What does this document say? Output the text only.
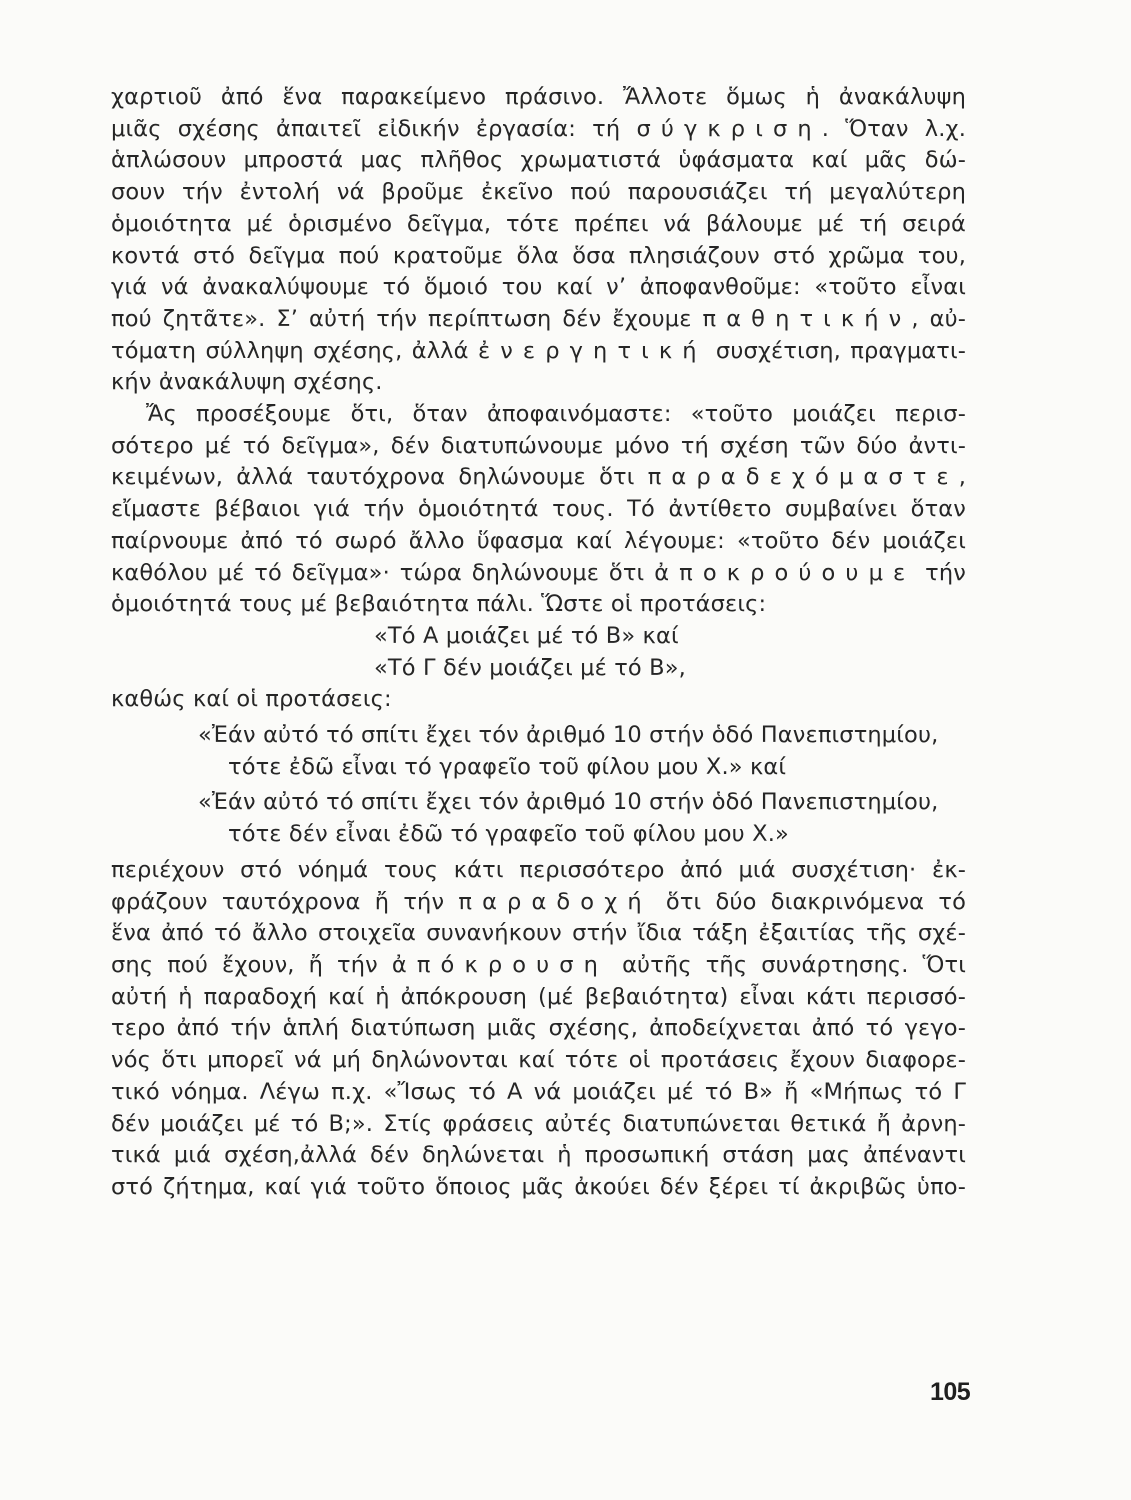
χαρτιοῦ ἀπό ἕνα παρακείμενο πράσινο. Ἄλλοτε ὅμως ἡ ἀνακάλυψη
μιᾶς σχέσης ἀπαιτεῖ εἰδικήν ἐργασία: τή σύγκριση. Ὅταν λ.χ.
ἁπλώσουν μπροστά μας πλῆθος χρωματιστά ὑφάσματα καί μᾶς δώ-
σουν τήν ἐντολή νά βροῦμε ἐκεῖνο πού παρουσιάζει τή μεγαλύτερη
ὁμοιότητα μέ ὁρισμένο δεῖγμα, τότε πρέπει νά βάλουμε μέ τή σειρά
κοντά στό δεῖγμα πού κρατοῦμε ὅλα ὅσα πλησιάζουν στό χρῶμα του,
γιά νά ἀνακαλύψουμε τό ὅμοιό του καί ν’ ἀποφανθοῦμε: «τοῦτο εἶναι
πού ζητᾶτε». Σ’ αὐτή τήν περίπτωση δέν ἔχουμε παθητικήν, αὐ-
τόματη σύλληψη σχέσης, ἀλλά ἐνεργητική συσχέτιση, πραγματι-
κήν ἀνακάλυψη σχέσης.
Ἄς προσέξουμε ὅτι, ὅταν ἀποφαινόμαστε: «τοῦτο μοιάζει περισ-
σότερο μέ τό δεῖγμα», δέν διατυπώνουμε μόνο τή σχέση τῶν δύο ἀντι-
κειμένων, ἀλλά ταυτόχρονα δηλώνουμε ὅτι παραδεχόμαστε,
εἴμαστε βέβαιοι γιά τήν ὁμοιότητά τους. Τό ἀντίθετο συμβαίνει ὅταν
παίρνουμε ἀπό τό σωρό ἄλλο ὕφασμα καί λέγουμε: «τοῦτο δέν μοιάζει
καθόλου μέ τό δεῖγμα»· τώρα δηλώνουμε ὅτι ἀποκρούουμε τήν
ὁμοιότητά τους μέ βεβαιότητα πάλι. Ὥστε οἱ προτάσεις:
«Τό Α μοιάζει μέ τό Β» καί
«Τό Γ δέν μοιάζει μέ τό Β»,
καθώς καί οἱ προτάσεις:
«Ἐάν αὐτό τό σπίτι ἔχει τόν ἀριθμό 10 στήν ὁδό Πανεπιστημίου,
τότε ἐδῶ εἶναι τό γραφεῖο τοῦ φίλου μου Χ.» καί
«Ἐάν αὐτό τό σπίτι ἔχει τόν ἀριθμό 10 στήν ὁδό Πανεπιστημίου,
τότε δέν εἶναι ἐδῶ τό γραφεῖο τοῦ φίλου μου Χ.»
περιέχουν στό νόημά τους κάτι περισσότερο ἀπό μιά συσχέτιση· ἐκ-
φράζουν ταυτόχρονα ἤ τήν παραδοχή ὅτι δύο διακρινόμενα τό
ἕνα ἀπό τό ἄλλο στοιχεῖα συνανήκουν στήν ἴδια τάξη ἐξαιτίας τῆς σχέ-
σης πού ἔχουν, ἤ τήν ἀπόκρουση αὐτῆς τῆς συνάρτησης. Ὅτι
αὐτή ἡ παραδοχή καί ἡ ἀπόκρουση (μέ βεβαιότητα) εἶναι κάτι περισσό-
τερο ἀπό τήν ἁπλή διατύπωση μιᾶς σχέσης, ἀποδείχνεται ἀπό τό γεγο-
νός ὅτι μπορεῖ νά μή δηλώνονται καί τότε οἱ προτάσεις ἔχουν διαφορε-
τικό νόημα. Λέγω π.χ. «Ἴσως τό Α νά μοιάζει μέ τό Β» ἤ «Μήπως τό Γ
δέν μοιάζει μέ τό Β;». Στίς φράσεις αὐτές διατυπώνεται θετικά ἤ ἀρνη-
τικά μιά σχέση,ἀλλά δέν δηλώνεται ἡ προσωπική στάση μας ἀπέναντι
στό ζήτημα, καί γιά τοῦτο ὅποιος μᾶς ἀκούει δέν ξέρει τί ἀκριβῶς ὑπο-
105
